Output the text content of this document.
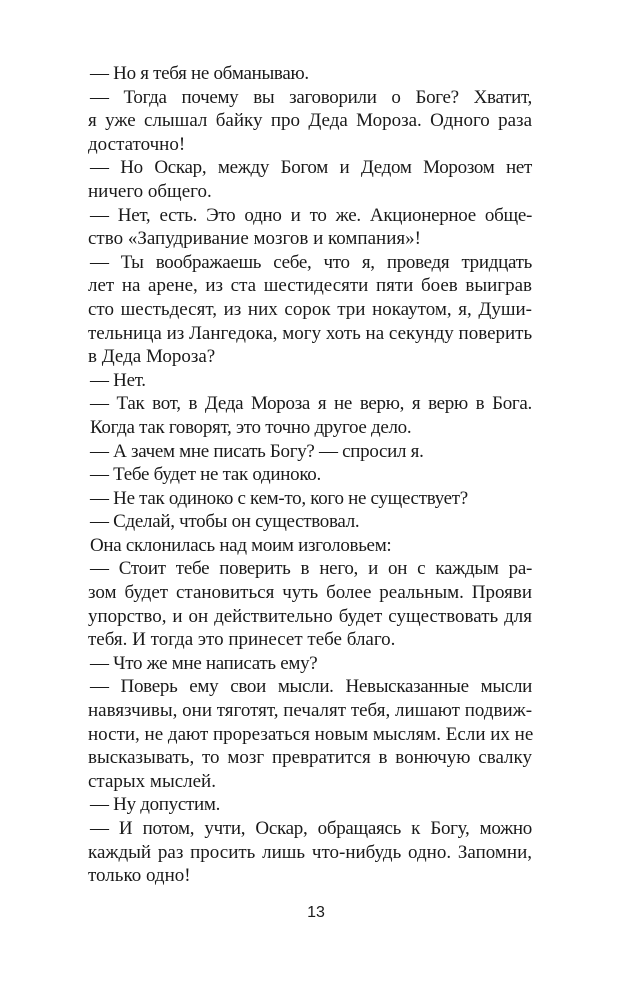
— Но я тебя не обманываю.
— Тогда почему вы заговорили о Боге? Хватит,
я уже слышал байку про Деда Мороза. Одного раза
достаточно!
— Но Оскар, между Богом и Дедом Морозом нет
ничего общего.
— Нет, есть. Это одно и то же. Акционерное обще-
ство «Запудривание мозгов и компания»!
— Ты воображаешь себе, что я, проведя тридцать
лет на арене, из ста шестидесяти пяти боев выиграв
сто шестьдесят, из них сорок три нокаутом, я, Души-
тельница из Лангедока, могу хоть на секунду поверить
в Деда Мороза?
— Нет.
— Так вот, в Деда Мороза я не верю, я верю в Бога.
Когда так говорят, это точно другое дело.
— А зачем мне писать Богу? — спросил я.
— Тебе будет не так одиноко.
— Не так одиноко с кем-то, кого не существует?
— Сделай, чтобы он существовал.
Она склонилась над моим изголовьем:
— Стоит тебе поверить в него, и он с каждым ра-
зом будет становиться чуть более реальным. Прояви
упорство, и он действительно будет существовать для
тебя. И тогда это принесет тебе благо.
— Что же мне написать ему?
— Поверь ему свои мысли. Невысказанные мысли
навязчивы, они тяготят, печалят тебя, лишают подвиж-
ности, не дают прорезаться новым мыслям. Если их не
высказывать, то мозг превратится в вонючую свалку
старых мыслей.
— Ну допустим.
— И потом, учти, Оскар, обращаясь к Богу, можно
каждый раз просить лишь что-нибудь одно. Запомни,
только одно!
13
